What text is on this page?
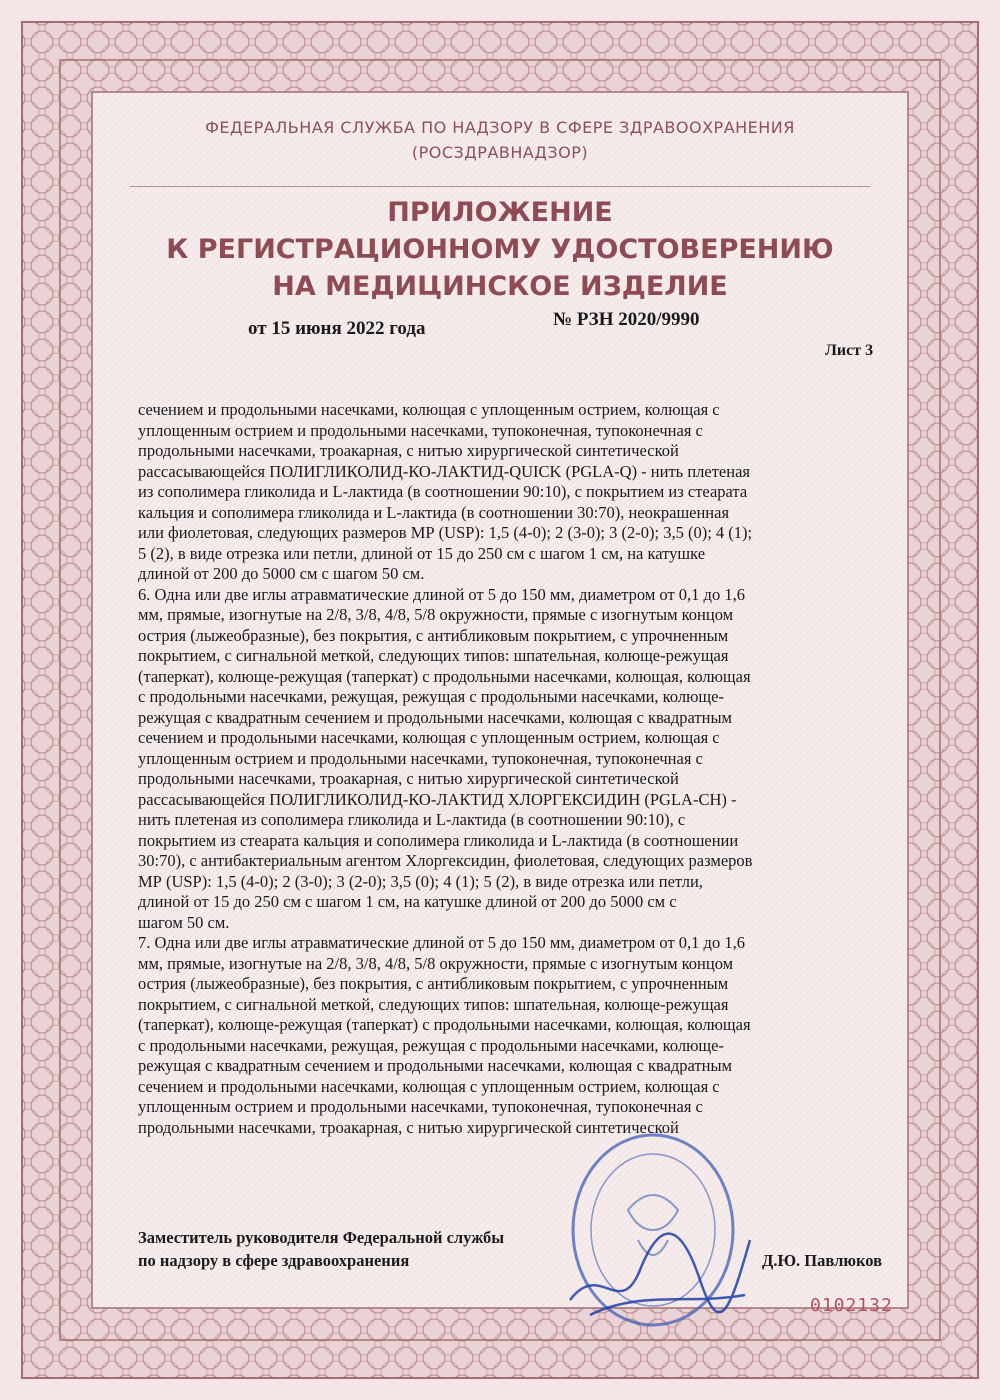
ФЕДЕРАЛЬНАЯ СЛУЖБА ПО НАДЗОРУ В СФЕРЕ ЗДРАВООХРАНЕНИЯ
(РОСЗДРАВНАДЗОР)
ПРИЛОЖЕНИЕ
К РЕГИСТРАЦИОННОМУ УДОСТОВЕРЕНИЮ
НА МЕДИЦИНСКОЕ ИЗДЕЛИЕ
от 15 июня 2022 года	№ РЗН 2020/9990
Лист 3

сечением и продольными насечками, колющая с уплощенным острием, колющая с

уплощенным острием и продольными насечками, тупоконечная, тупоконечная с

продольными насечками, троакарная, с нитью хирургической синтетической

рассасывающейся ПОЛИГЛИКОЛИД-КО-ЛАКТИД-QUICK (PGLA-Q) - нить плетеная

из сополимера гликолида и L-лактида (в соотношении 90:10), с покрытием из стеарата

кальция и сополимера гликолида и L-лактида (в соотношении 30:70), неокрашенная

или фиолетовая, следующих размеров МР (USP): 1,5 (4-0); 2 (3-0); 3 (2-0); 3,5 (0); 4 (1);

5 (2), в виде отрезка или петли, длиной от 15 до 250 см с шагом 1 см, на катушке

длиной от 200 до 5000 см с шагом 50 см.

6. Одна или две иглы атравматические длиной от 5 до 150 мм, диаметром от 0,1 до 1,6

мм, прямые, изогнутые на 2/8, 3/8, 4/8, 5/8 окружности, прямые с изогнутым концом

острия (лыжеобразные), без покрытия, с антибликовым покрытием, с упрочненным

покрытием, с сигнальной меткой, следующих типов: шпательная, колюще-режущая

(таперкат), колюще-режущая (таперкат) с продольными насечками, колющая, колющая

с продольными насечками, режущая, режущая с продольными насечками, колюще-

режущая с квадратным сечением и продольными насечками, колющая с квадратным

сечением и продольными насечками, колющая с уплощенным острием, колющая с

уплощенным острием и продольными насечками, тупоконечная, тупоконечная с

продольными насечками, троакарная, с нитью хирургической синтетической

рассасывающейся ПОЛИГЛИКОЛИД-КО-ЛАКТИД ХЛОРГЕКСИДИН (PGLA-CH) -

нить плетеная из сополимера гликолида и L-лактида (в соотношении 90:10), с

покрытием из стеарата кальция и сополимера гликолида и L-лактида (в соотношении

30:70), с антибактериальным агентом Хлоргексидин, фиолетовая, следующих размеров

МР (USP): 1,5 (4-0); 2 (3-0); 3 (2-0); 3,5 (0); 4 (1); 5 (2), в виде отрезка или петли,

длиной от 15 до 250 см с шагом 1 см, на катушке длиной от 200 до 5000 см с

шагом 50 см.

7. Одна или две иглы атравматические длиной от 5 до 150 мм, диаметром от 0,1 до 1,6

мм, прямые, изогнутые на 2/8, 3/8, 4/8, 5/8 окружности, прямые с изогнутым концом

острия (лыжеобразные), без покрытия, с антибликовым покрытием, с упрочненным

покрытием, с сигнальной меткой, следующих типов: шпательная, колюще-режущая

(таперкат), колюще-режущая (таперкат) с продольными насечками, колющая, колющая

с продольными насечками, режущая, режущая с продольными насечками, колюще-

режущая с квадратным сечением и продольными насечками, колющая с квадратным

сечением и продольными насечками, колющая с уплощенным острием, колющая с

уплощенным острием и продольными насечками, тупоконечная, тупоконечная с

продольными насечками, троакарная, с нитью хирургической синтетической

Заместитель руководителя Федеральной службы
по надзору в сфере здравоохранения	Д.Ю. Павлюков
0102132
